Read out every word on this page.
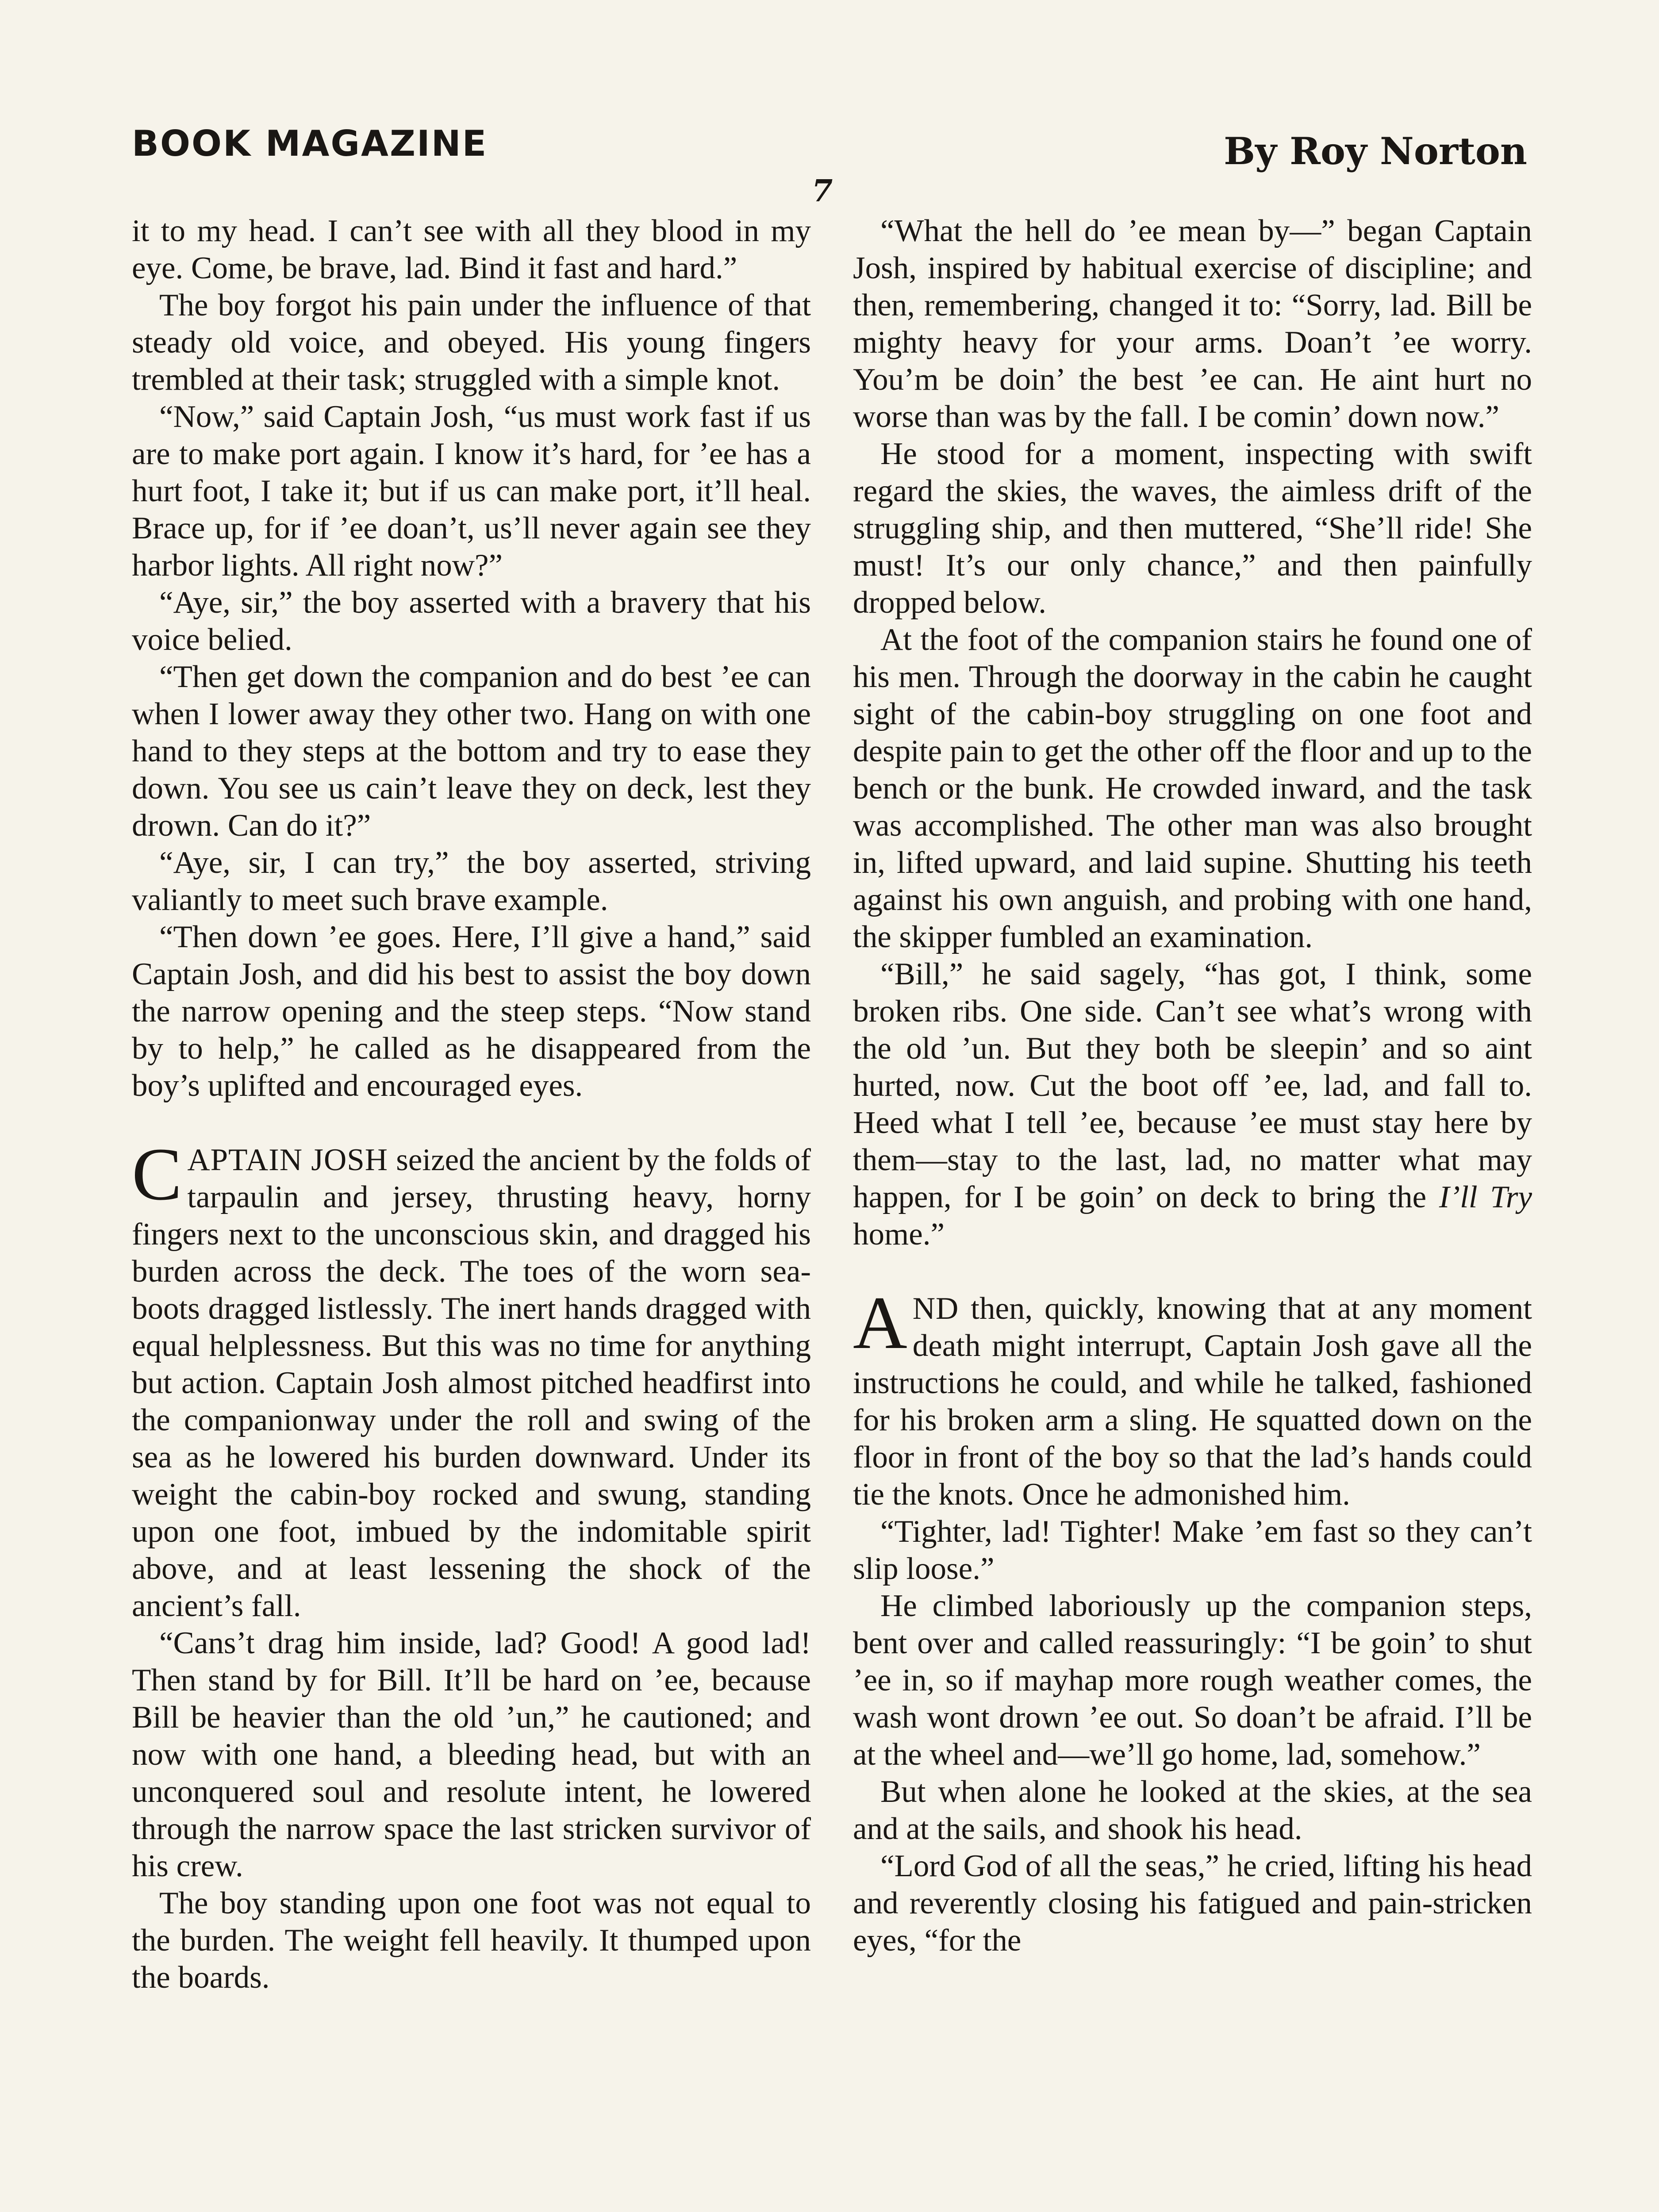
BOOK MAGAZINE	By Roy Norton
7

it to my head. I can’t see with all they blood in my eye. Come, be brave, lad. Bind it fast and hard.”

The boy forgot his pain under the influence of that steady old voice, and obeyed. His young fingers trembled at their task; struggled with a simple knot.

“Now,” said Captain Josh, “us must work fast if us are to make port again. I know it’s hard, for ’ee has a hurt foot, I take it; but if us can make port, it’ll heal. Brace up, for if ’ee doan’t, us’ll never again see they harbor lights. All right now?”

“Aye, sir,” the boy asserted with a bravery that his voice belied.

“Then get down the companion and do best ’ee can when I lower away they other two. Hang on with one hand to they steps at the bottom and try to ease they down. You see us cain’t leave they on deck, lest they drown. Can do it?”

“Aye, sir, I can try,” the boy asserted, striving valiantly to meet such brave example.

“Then down ’ee goes. Here, I’ll give a hand,” said Captain Josh, and did his best to assist the boy down the narrow opening and the steep steps. “Now stand by to help,” he called as he disappeared from the boy’s uplifted and encouraged eyes.

CAPTAIN JOSH seized the ancient by the folds of tarpaulin and jersey, thrusting heavy, horny fingers next to the unconscious skin, and dragged his burden across the deck. The toes of the worn sea-boots dragged listlessly. The inert hands dragged with equal helplessness. But this was no time for anything but action. Captain Josh almost pitched headfirst into the companionway under the roll and swing of the sea as he lowered his burden downward. Under its weight the cabin-boy rocked and swung, standing upon one foot, imbued by the indomitable spirit above, and at least lessening the shock of the ancient’s fall.

“Cans’t drag him inside, lad? Good! A good lad! Then stand by for Bill. It’ll be hard on ’ee, because Bill be heavier than the old ’un,” he cautioned; and now with one hand, a bleeding head, but with an unconquered soul and resolute intent, he lowered through the narrow space the last stricken survivor of his crew.

The boy standing upon one foot was not equal to the burden. The weight fell heavily. It thumped upon the boards.

“What the hell do ’ee mean by—” began Captain Josh, inspired by habitual exercise of discipline; and then, remembering, changed it to: “Sorry, lad. Bill be mighty heavy for your arms. Doan’t ’ee worry. You’m be doin’ the best ’ee can. He aint hurt no worse than was by the fall. I be comin’ down now.”

He stood for a moment, inspecting with swift regard the skies, the waves, the aimless drift of the struggling ship, and then muttered, “She’ll ride! She must! It’s our only chance,” and then painfully dropped below.

At the foot of the companion stairs he found one of his men. Through the doorway in the cabin he caught sight of the cabin-boy struggling on one foot and despite pain to get the other off the floor and up to the bench or the bunk. He crowded inward, and the task was accomplished. The other man was also brought in, lifted upward, and laid supine. Shutting his teeth against his own anguish, and probing with one hand, the skipper fumbled an examination.

“Bill,” he said sagely, “has got, I think, some broken ribs. One side. Can’t see what’s wrong with the old ’un. But they both be sleepin’ and so aint hurted, now. Cut the boot off ’ee, lad, and fall to. Heed what I tell ’ee, because ’ee must stay here by them—stay to the last, lad, no matter what may happen, for I be goin’ on deck to bring the I’ll Try home.”

AND then, quickly, knowing that at any moment death might interrupt, Captain Josh gave all the instructions he could, and while he talked, fashioned for his broken arm a sling. He squatted down on the floor in front of the boy so that the lad’s hands could tie the knots. Once he admonished him.

“Tighter, lad! Tighter! Make ’em fast so they can’t slip loose.”

He climbed laboriously up the companion steps, bent over and called reassuringly: “I be goin’ to shut ’ee in, so if mayhap more rough weather comes, the wash wont drown ’ee out. So doan’t be afraid. I’ll be at the wheel and—we’ll go home, lad, somehow.”

But when alone he looked at the skies, at the sea and at the sails, and shook his head.

“Lord God of all the seas,” he cried, lifting his head and reverently closing his fatigued and pain-stricken eyes, “for the
